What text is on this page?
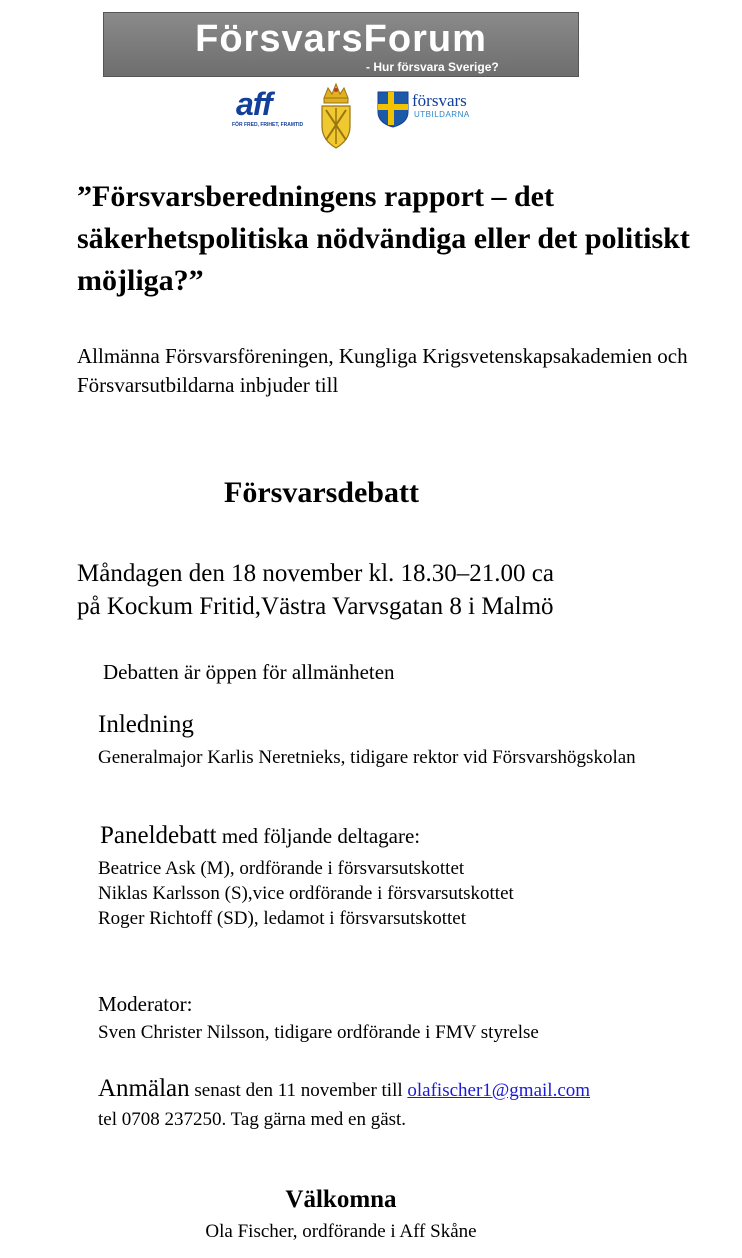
FörsvarsForum
- Hur försvara Sverige?
aff
FÖR FRED, FRIHET, FRAMTID
försvars
UTBILDARNA
”Försvarsberedningens rapport – det säkerhetspolitiska nödvändiga eller det politiskt möjliga?”
Allmänna Försvarsföreningen, Kungliga Krigsvetenskapsakademien och Försvarsutbildarna inbjuder till
Försvarsdebatt
Måndagen den 18 november kl. 18.30–21.00 ca
på Kockum Fritid,Västra Varvsgatan 8 i Malmö
Debatten är öppen för allmänheten
Inledning
Generalmajor Karlis Neretnieks, tidigare rektor vid Försvarshögskolan
Paneldebatt med följande deltagare:
Beatrice Ask (M), ordförande i försvarsutskottet
Niklas Karlsson (S),vice ordförande i försvarsutskottet
Roger Richtoff (SD), ledamot i försvarsutskottet
Moderator:
Sven Christer Nilsson, tidigare ordförande i FMV styrelse
Anmälan senast den 11 november till olafischer1@gmail.com
tel 0708 237250. Tag gärna med en gäst.
Välkomna
Ola Fischer, ordförande i Aff Skåne
